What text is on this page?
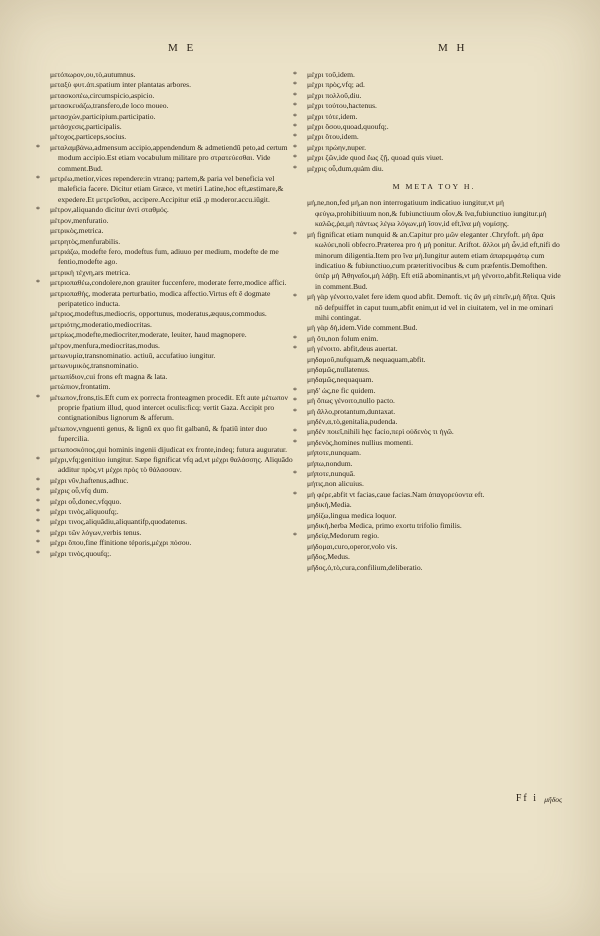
M E	M H

μετόπωρον,ου,τὸ,autumnus.

μεταξὺ φυτ.ἀπ.spatium inter plantatas arbores.

μετασκοπέω,circumspicio,aspicio.

μετασκευάζω,transfero,de loco moueo.

μετασχὼν,participium.participatio.

μετάσχεσις,participalis.

μέτοχος,particeps,socius.

* μεταλαμβάνω,admensum accipio,appendendum & admetiendū peto,ad certum modum accipio.Est etiam vocabulum militare pro στρατεύεσθαι. Vide comment.Bud.

* μετρέω,metior,vices rependere:in vtranq; partem,& paria vel beneficia vel maleficia facere. Dicitur etiam Græce, vt metiri Latine,hoc eft,æstimare,& expedere.Et μετρεῖσθαι, accipere.Accipitur etiā ,p moderor.accu.iūgit.

* μέτρον,aliquando dicitur ἀντὶ σταθμός.

μέτρον,menfuratio.

μετρικὸς,metrica.

μετρητὸς,menfurabilis.

μετριάζω, modefte fero, modeftus fum, adiuuo per medium, modefte de me fentio,modefte ago.

μετρικὴ τέχνη,ars metrica.

* μετριοπαθέω,condolere,non grauiter fuccenfere, moderate ferre,modice affici.

μετριοπαθὴς, moderata perturbatio, modica affectio.Virtus eft ē dogmate peripatetico inducta.

μέτριος,modeftus,mediocris, opportunus, moderatus,æquus,commodus.

μετριότης,moderatio,mediocritas.

μετρίως,modefte,mediocriter,moderate, leuiter, haud magnopere.

μέτρον,menfura,mediocritas,modus.

μετωνυμία,transnominatio. actiuū, accufatiuo iungitur.

μετωνυμικὸς,transnominatio.

μετωπίδιον,cui frons eft magna & lata.

μετώπιον,frontatim.

* μέτωπον,frons,tis.Eft cum ex porrecta fronteagmen procedit. Eft aute μέτωπον proprie fpatium illud, quod intercet oculis:ficq; vertit Gaza. Accipit pro contignationibus lignorum & afferum.

μέτωπον,vnguenti genus, & lignū ex quo fit galbanū, & fpatiū inter duo fupercilia.

μετωποσκόπος,qui hominis ingenii dijudicat ex fronte,indeq; futura auguratur.

* μέχρι,vfq;genitiuo iungitur. Sæpe fignificat vfq ad,vt μέχρι θαλάσσης. Aliquādo additur πρὸς,vt μέχρι πρὸς τὸ θάλασσαν.

* μέχρι νῦν,haftenus,adhuc.

* μέχρις οὗ,vfq dum.

* μέχρι οὗ,donec,vfqquo.

* μέχρι τινὸς,aliquoufq;.

* μέχρι τινος,aliquādiu,aliquantifp,quodatenus.

* μέχρι τῶν λόγων,verbis tenus.

* μέχρι ὅπου,fine ffinitione téporis,μέχρι πόσου.

* μέχρι τινὸς,quoufq;.

* μέχρι τοῦ,idem.

* μέχρι πρὸς,vfq; ad.

* μέχρι πολλοῦ,diu.

* μέχρι τούτου,hactenus.

* μέχρι τότε,idem.

* μέχρι ὅσου,quoad,quoufq;.

* μέχρι ὅτου,idem.

* μέχρι πρώην,nuper.

* μέχρι ζῶν,ide quod ἕως ζῇ, quoad quis viuet.

* μέχρις οὗ,dum,quàm diu.

M META TOY H.

μή,ne,non,fed μή,an non interrogatiuum indicatiuo iungitur,vt μή φεύγω,prohibitiuum non,& fubiunctiuum οἷον,& ἵνα,fubiunctiuo iungitur.μὴ καλῶς,ῥα,μὴ πάντως λέγω λόγων,μὴ ἴσον,id eft,ἵνα μὴ νομίσῃς.

* μή fignificat etiam nunquid & an.Capitur pro μῶν eleganter .Chryfoft. μὴ ἄρα κωλύει,noli obfecro.Præterea pro ἡ μὴ ponitur. Ariftot. ἄλλοι μὴ ὧν,id eft,nifi do minorum diligentia.Item pro ἵνα μή.Iungitur autem etiam ἀπαρεμφάτῳ cum indicatiuo & fubiunctiuo,cum præteritivocibus & cum præfentis.Demofthen. ὑπὲρ μὴ Ἀθηναῖοι,μὴ λάβῃ. Eft etiā abominantis,vt μὴ γένοιτο,abfit.Reliqua vide in comment.Bud.

* μὴ γὰρ γένοιτο,valet fere idem quod abfit. Demoft. τὶς ἂν μὴ εἰπεῖν,μὴ δῆτα. Quis nō defpuiffet in caput tuum,abfit enim,ut id vel in ciuitatem, vel in me ominari mihi contingat.

μὴ γὰρ δὴ,idem.Vide comment.Bud.

* μὴ ὅτι,non folum enim.

* μὴ γένοιτο. abfit,deus auertat.

μηδαμοῦ,nufquam,& nequaquam,abfit.

μηδαμῶς,nullatenus.

μηδαμῶς,nequaquam.

* μηδ' ὡς,ne fic quidem.

* μὴ ὅπως γένοιτο,nullo pacto.

* μὴ ἄλλο,protantum,duntaxat.

μηδὲν,α,τὸ,genitalia,pudenda.

* μηδὲν ποιεῖ,nihili hęc facio,περὶ οὐδενὸς τι ἡγῶ.

* μηδενὸς,homines nullius momenti.

μήποτε,nunquam.

μήπω,nondum.

* μήποτε,nunquā.

μήτις,non alicuius.

* μὴ φέρε,abfit vt facias,caue facias.Nam ἀπαγορεύοντα eft.

μηδικὴ,Media.

μηδίζω,lingua medica loquor.

μηδικὴ,herba Medica, primo exortu trifolio fimilis.

* μηδείᾳ,Medorum regio.

μήδομαι,curo,operor,volo vis.

μῆδος,Medus.

μῆδος,ὁ,τὸ,cura,confilium,deliberatio.

Ff i μῆδος
